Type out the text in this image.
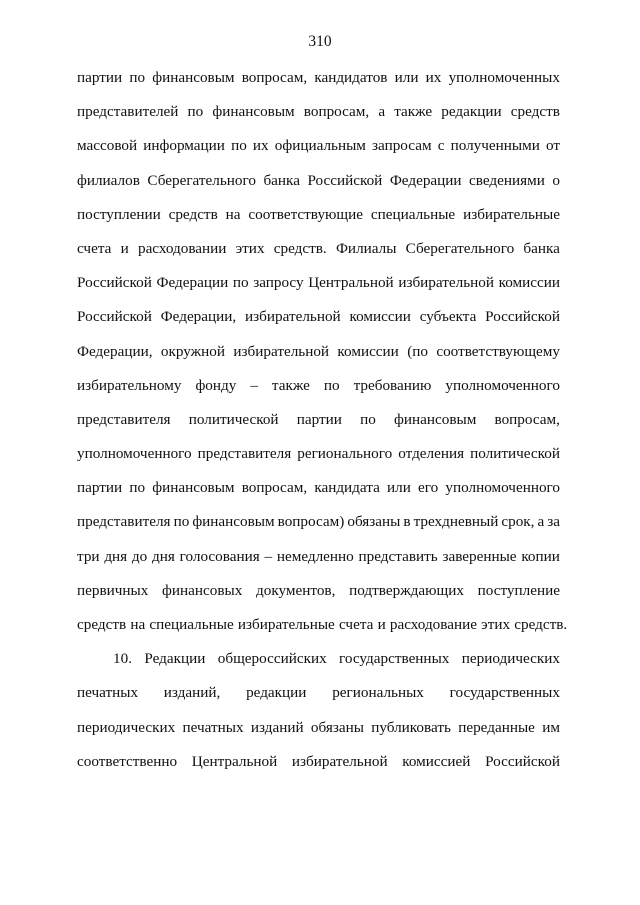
310
партии по финансовым вопросам, кандидатов или их уполномоченных
представителей по финансовым вопросам, а также редакции средств
массовой информации по их официальным запросам с полученными от
филиалов Сберегательного банка Российской Федерации сведениями о
поступлении средств на соответствующие специальные избирательные
счета и расходовании этих средств. Филиалы Сберегательного банка
Российской Федерации по запросу Центральной избирательной комиссии
Российской Федерации, избирательной комиссии субъекта Российской
Федерации, окружной избирательной комиссии (по соответствующему
избирательному фонду – также по требованию уполномоченного
представителя политической партии по финансовым вопросам,
уполномоченного представителя регионального отделения политической
партии по финансовым вопросам, кандидата или его уполномоченного
представителя по финансовым вопросам) обязаны в трехдневный срок, а за
три дня до дня голосования – немедленно представить заверенные копии
первичных финансовых документов, подтверждающих поступление
средств на специальные избирательные счета и расходование этих средств.
10. Редакции общероссийских государственных периодических
печатных изданий, редакции региональных государственных
периодических печатных изданий обязаны публиковать переданные им
соответственно Центральной избирательной комиссией Российской
